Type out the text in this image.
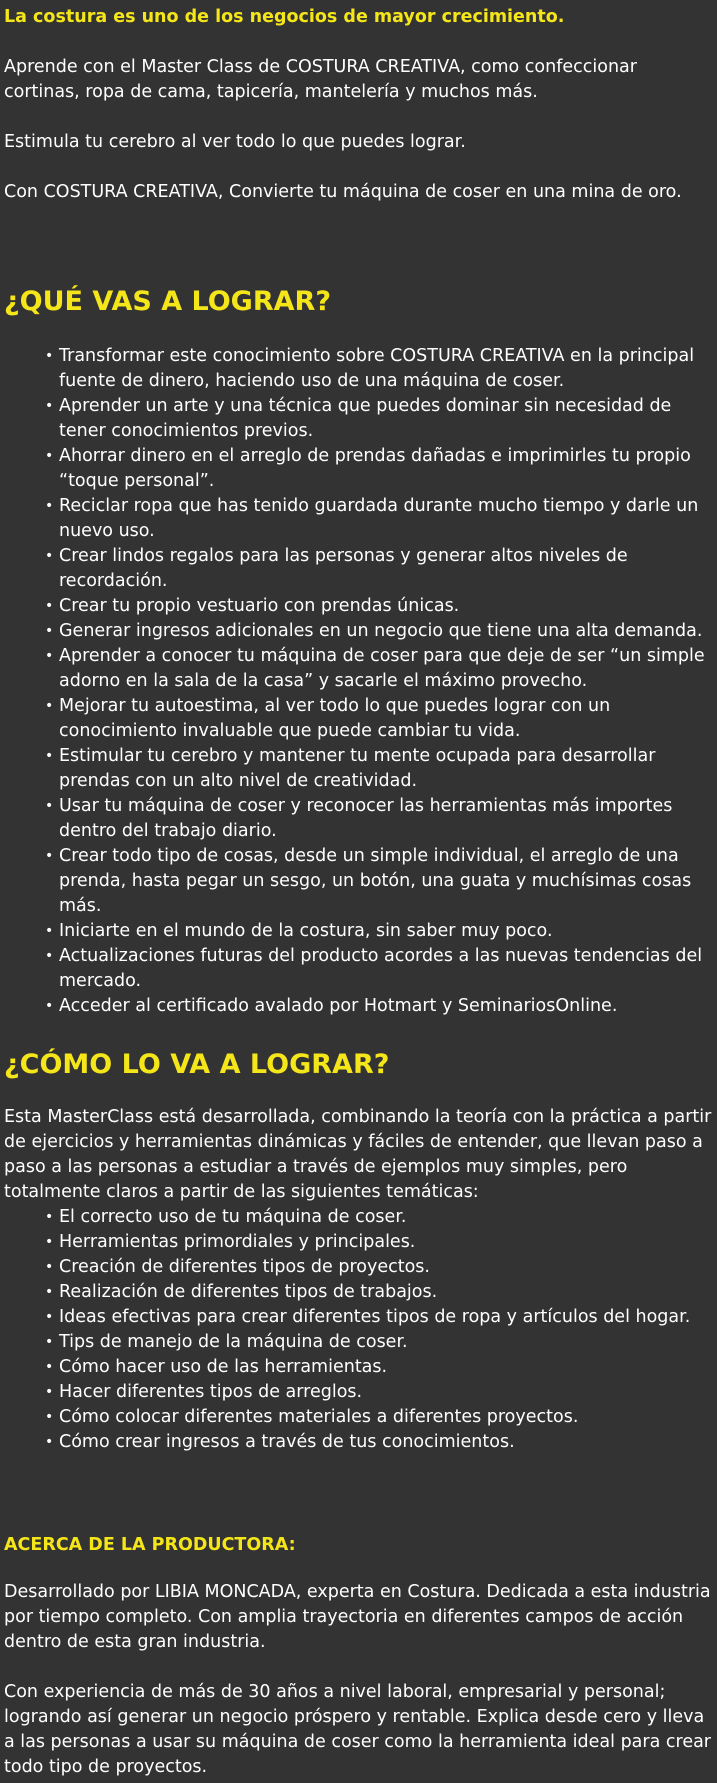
La costura es uno de los negocios de mayor crecimiento.

Aprende con el Master Class de COSTURA CREATIVA, como confeccionar cortinas, ropa de cama, tapicería, mantelería y muchos más.

Estimula tu cerebro al ver todo lo que puedes lograr.

Con COSTURA CREATIVA, Convierte tu máquina de coser en una mina de oro.

¿QUÉ VAS A LOGRAR?
• Transformar este conocimiento sobre COSTURA CREATIVA en la principal fuente de dinero, haciendo uso de una máquina de coser.
• Aprender un arte y una técnica que puedes dominar sin necesidad de tener conocimientos previos.
• Ahorrar dinero en el arreglo de prendas dañadas e imprimirles tu propio “toque personal”.
• Reciclar ropa que has tenido guardada durante mucho tiempo y darle un nuevo uso.
• Crear lindos regalos para las personas y generar altos niveles de recordación.
• Crear tu propio vestuario con prendas únicas.
• Generar ingresos adicionales en un negocio que tiene una alta demanda.
• Aprender a conocer tu máquina de coser para que deje de ser “un simple adorno en la sala de la casa” y sacarle el máximo provecho.
• Mejorar tu autoestima, al ver todo lo que puedes lograr con un conocimiento invaluable que puede cambiar tu vida.
• Estimular tu cerebro y mantener tu mente ocupada para desarrollar prendas con un alto nivel de creatividad.
• Usar tu máquina de coser y reconocer las herramientas más importes dentro del trabajo diario.
• Crear todo tipo de cosas, desde un simple individual, el arreglo de una prenda, hasta pegar un sesgo, un botón, una guata y muchísimas cosas más.
• Iniciarte en el mundo de la costura, sin saber muy poco.
• Actualizaciones futuras del producto acordes a las nuevas tendencias del mercado.
• Acceder al certificado avalado por Hotmart y SeminariosOnline.
¿CÓMO LO VA A LOGRAR?

Esta MasterClass está desarrollada, combinando la teoría con la práctica a partir de ejercicios y herramientas dinámicas y fáciles de entender, que llevan paso a paso a las personas a estudiar a través de ejemplos muy simples, pero totalmente claros a partir de las siguientes temáticas:

• El correcto uso de tu máquina de coser.
• Herramientas primordiales y principales.
• Creación de diferentes tipos de proyectos.
• Realización de diferentes tipos de trabajos.
• Ideas efectivas para crear diferentes tipos de ropa y artículos del hogar.
• Tips de manejo de la máquina de coser.
• Cómo hacer uso de las herramientas.
• Hacer diferentes tipos de arreglos.
• Cómo colocar diferentes materiales a diferentes proyectos.
• Cómo crear ingresos a través de tus conocimientos.

ACERCA DE LA PRODUCTORA:

Desarrollado por LIBIA MONCADA, experta en Costura. Dedicada a esta industria por tiempo completo. Con amplia trayectoria en diferentes campos de acción dentro de esta gran industria.

Con experiencia de más de 30 años a nivel laboral, empresarial y personal; logrando así generar un negocio próspero y rentable. Explica desde cero y lleva a las personas a usar su máquina de coser como la herramienta ideal para crear todo tipo de proyectos.
